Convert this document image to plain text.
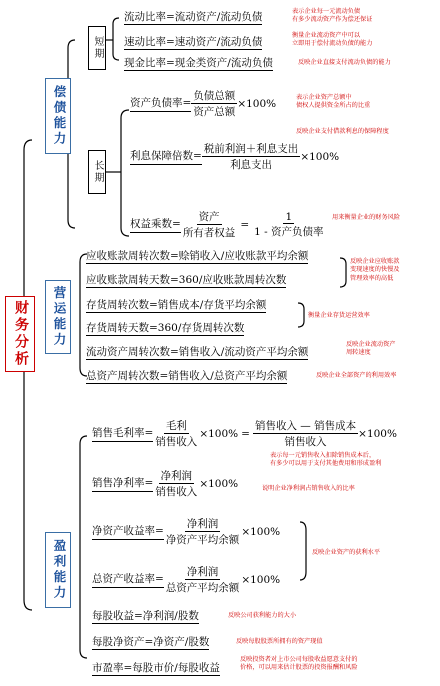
财务分析
偿债能力
短期
流动比率=流动资产/流动负债	表示企业每一元流动负债
有多少流动资产作为偿还保证
速动比率=速动资产/流动负债
衡量企业流动资产中可以
立即用于偿付流动负债的能力
现金比率=现金类资产/流动负债	反映企业直接支付流动负债的能力
长期
资产负债率= $\frac{\text{负债总额}}{\text{资产总额}} \times 100\%$	表示企业资产总额中
债权人提供资金所占的比重
利息保障倍数= $\frac{\text{税前利润＋利息支出}}{\text{利息支出}} \times 100\%$
反映企业支付借款利息的保障程度
权益乘数= $\frac{\text{资产}}{\text{所有者权益}} = \frac{1}{\text{1 - 资产负债率}}$ 用来衡量企业的财务风险
营运能力
应收账款周转次数=赊销收入/应收账款平均余额
应收账款周转天数=360/应收账款周转次数
反映企业应收账款
变现速度的快慢及
管理效率的高低
存货周转次数=销售成本/存货平均余额
存货周转天数=360/存货周转次数
衡量企业存货运营效率
流动资产周转次数=销售收入/流动资产平均余额
反映企业流动资产
周转速度
总资产周转次数=销售收入/总资产平均余额	反映企业全部资产的利用效率
盈利能力
销售毛利率= $\frac{\text{毛利}}{\text{销售收入}} \times 100\% = \frac{\text{销售收入 — 销售成本}}{\text{销售收入}} \times 100\%$
表示每一元销售收入扣除销售成本后，
有多少可以用于支付其他费用和形成盈利
销售净利率= $\frac{\text{净利润}}{\text{销售收入}} \times 100\%$	说明企业净利润占销售收入的比率
净资产收益率= $\frac{\text{净利润}}{\text{净资产平均余额}} \times 100\%$
总资产收益率= $\frac{\text{净利润}}{\text{总资产平均余额}} \times 100\%$
反映企业资产的获利水平
每股收益=净利润/股数	反映公司获利能力的大小
每股净资产=净资产/股数	反映每股股票所拥有的资产现值
市盈率=每股市价/每股收益
反映投资者对上市公司每股收益愿意支付的
价格，可以用来估计股票的投资报酬和风险
